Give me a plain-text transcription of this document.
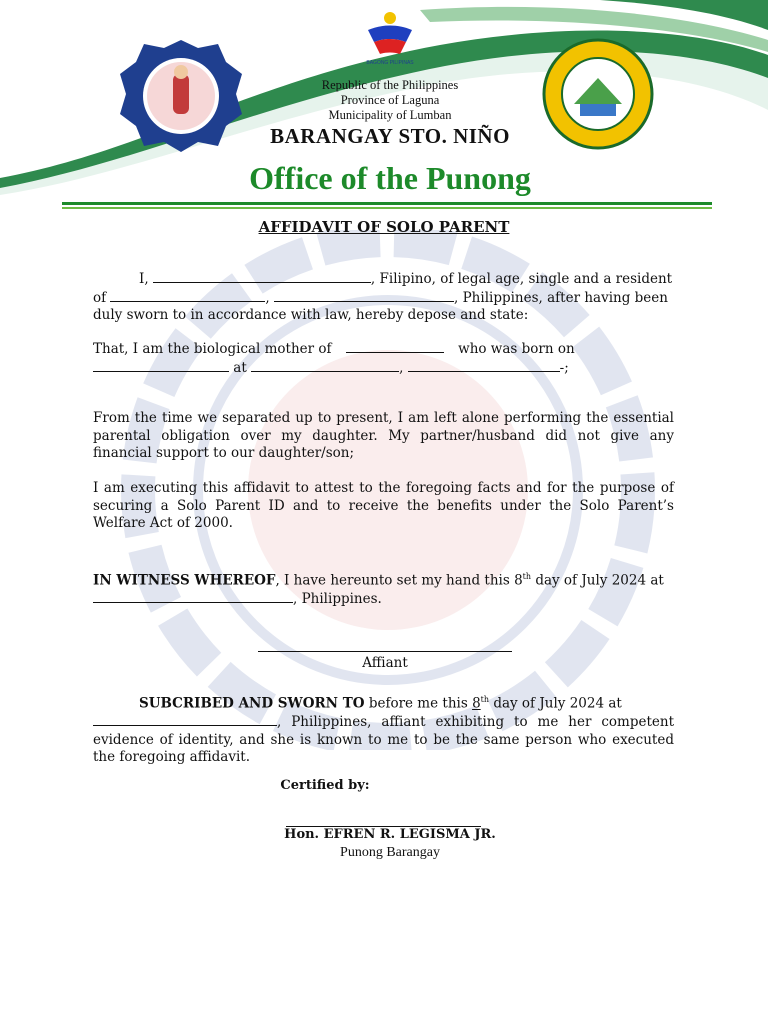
BAGONG PILIPINAS
Republic of the Philippines
Province of Laguna
Municipality of Lumban
BARANGAY STO. NIÑO
Office of the Punong
AFFIDAVIT OF SOLO PARENT
I,	, Filipino, of legal age, single and a resident
of	,	, Philippines, after having been
duly sworn to in accordance with law, hereby depose and state:
That, I am the biological mother of	who was born on
at	,	-;
From the time we separated up to present, I am left alone performing the essential parental obligation over my daughter. My partner/husband did not give any financial support to our daughter/son;
I am executing this affidavit to attest to the foregoing facts and for the purpose of securing a Solo Parent ID and to receive the benefits under the Solo Parent’s Welfare Act of 2000.
IN WITNESS WHEREOF, I have hereunto set my hand this 8th day of July 2024 at
, Philippines.
Affiant
SUBCRIBED AND SWORN TO before me this 8th day of July 2024 at
, Philippines, affiant exhibiting to me her competent evidence of identity, and she is known to me to be the same person who executed the foregoing affidavit.
Certified by:
Hon. EFREN R. LEGISMA JR.
Punong Barangay
